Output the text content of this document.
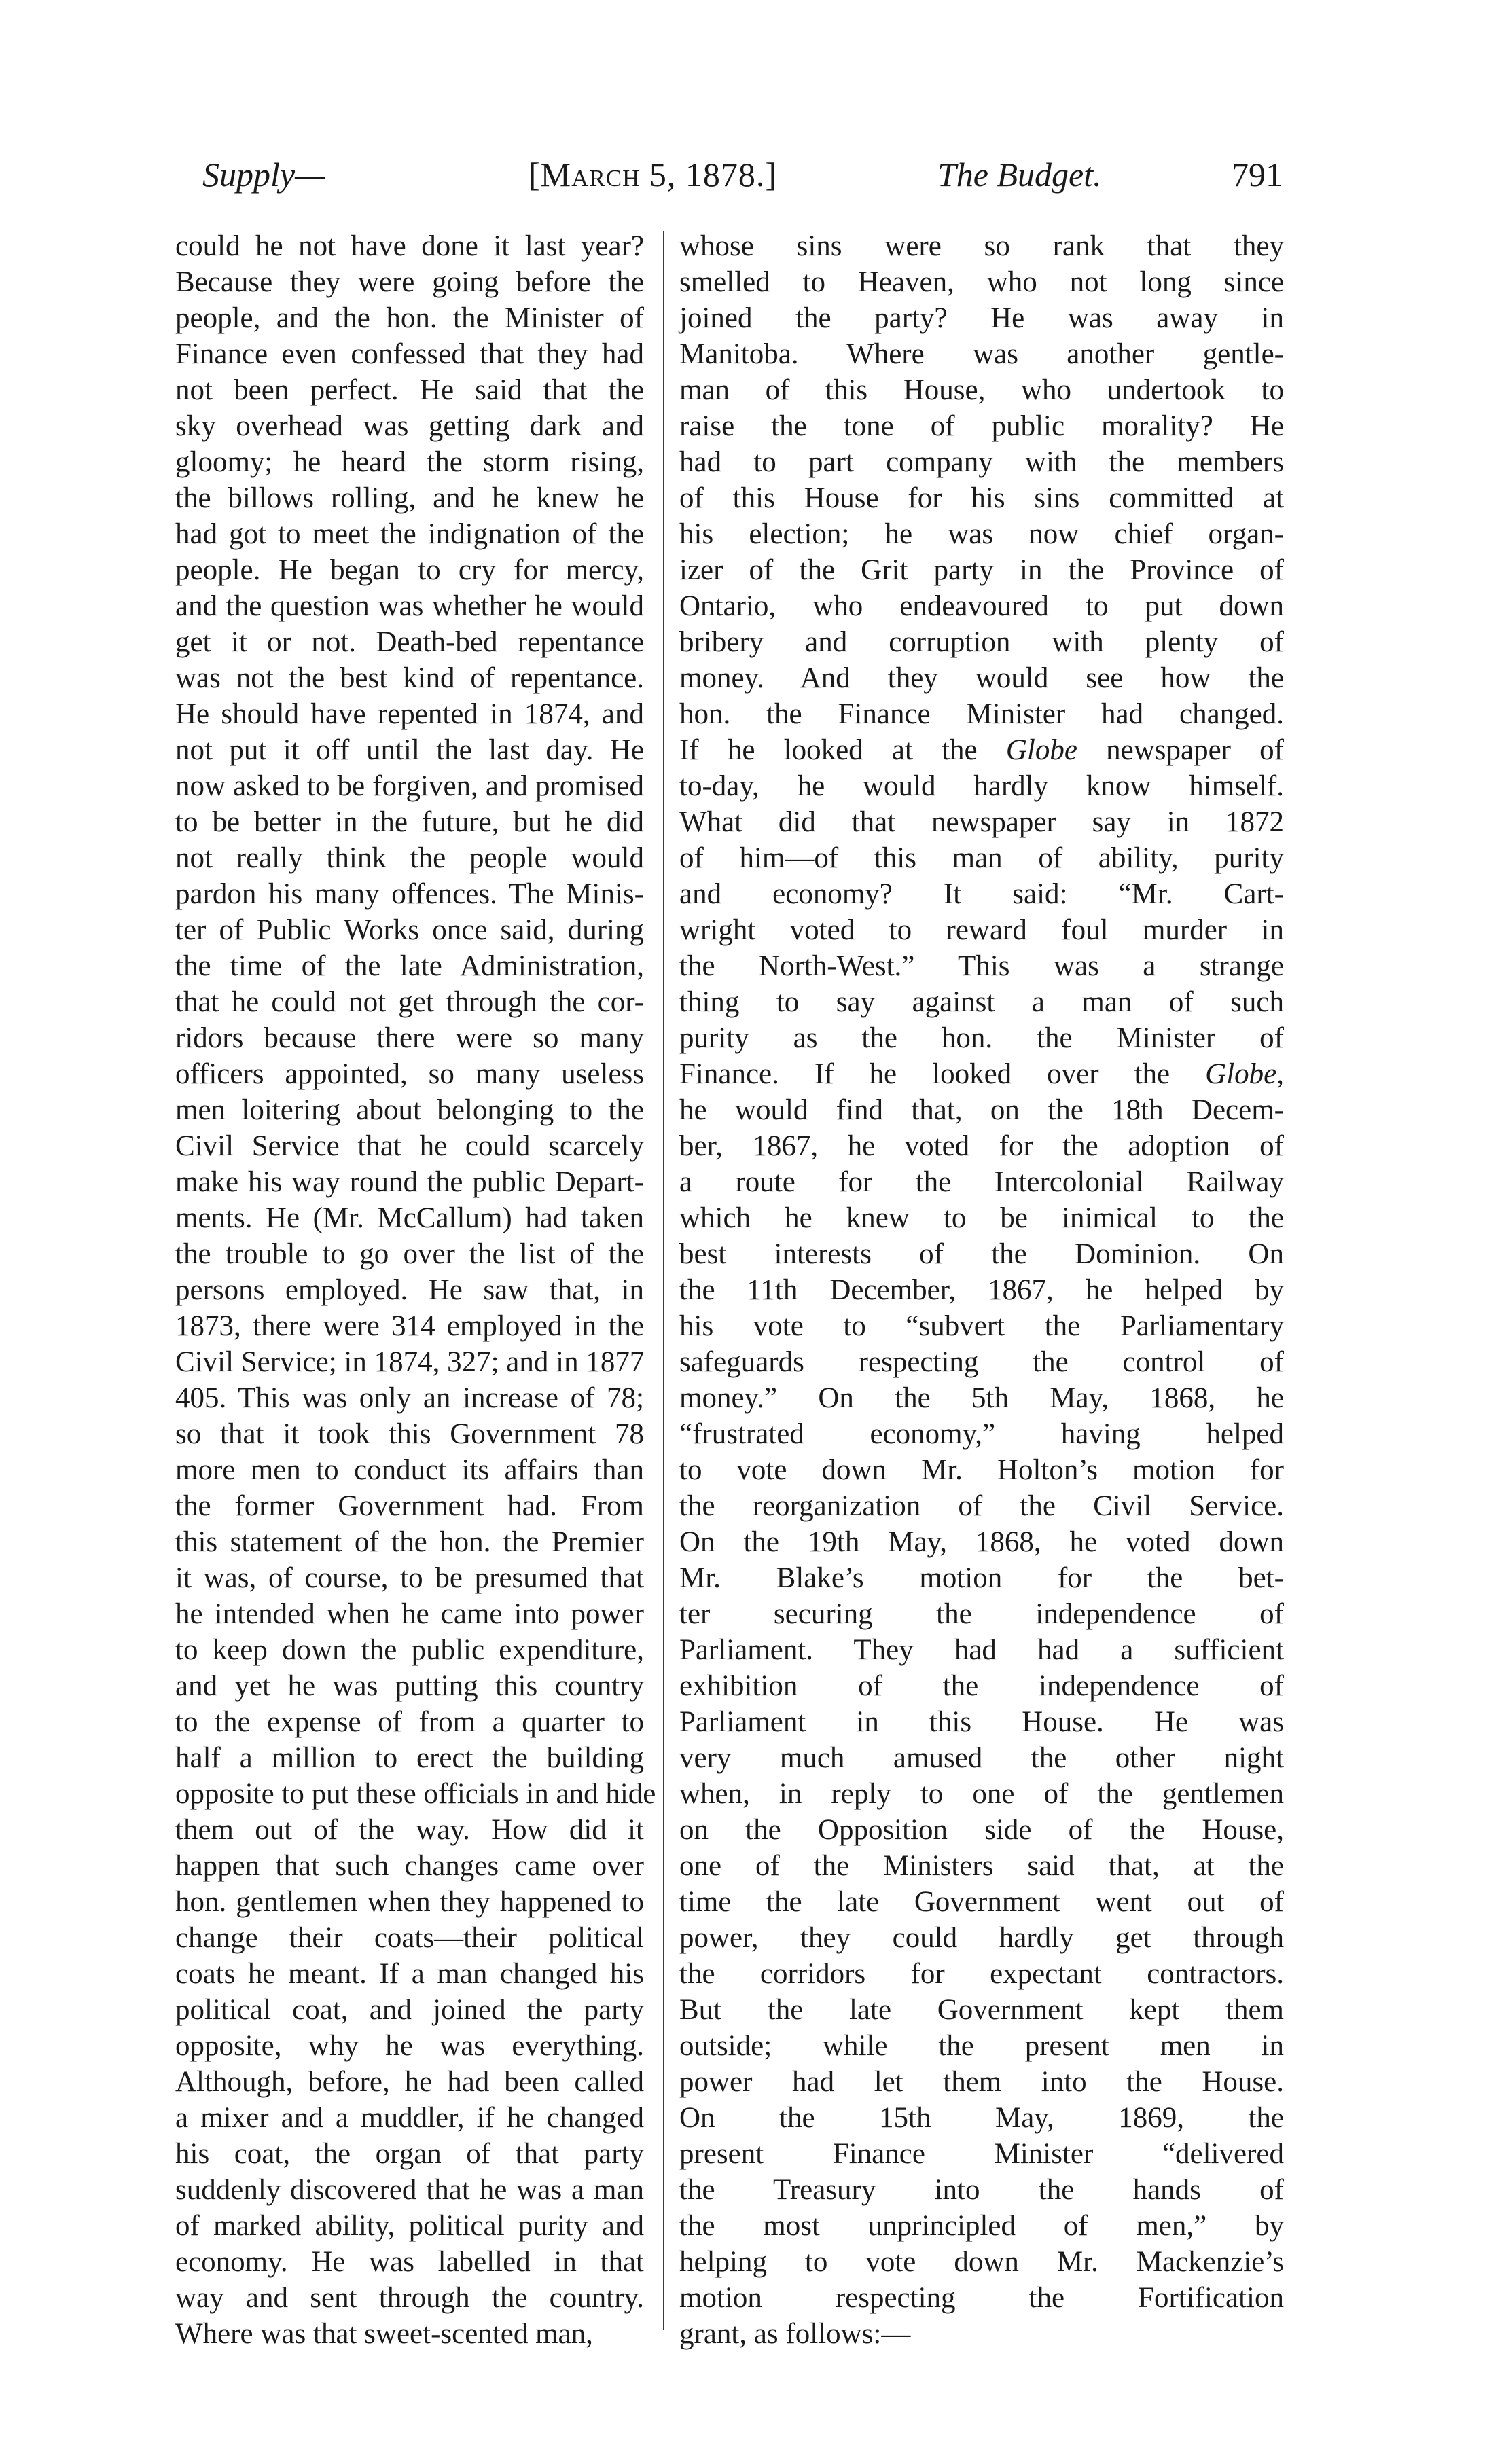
Supply—	[March 5, 1878.]	The Budget.	791
could he not have done it last year?
Because they were going before the
people, and the hon. the Minister of
Finance even confessed that they had
not been perfect. He said that the
sky overhead was getting dark and
gloomy; he heard the storm rising,
the billows rolling, and he knew he
had got to meet the indignation of the
people. He began to cry for mercy,
and the question was whether he would
get it or not. Death-bed repentance
was not the best kind of repentance.
He should have repented in 1874, and
not put it off until the last day. He
now asked to be forgiven, and promised
to be better in the future, but he did
not really think the people would
pardon his many offences. The Minis-
ter of Public Works once said, during
the time of the late Administration,
that he could not get through the cor-
ridors because there were so many
officers appointed, so many useless
men loitering about belonging to the
Civil Service that he could scarcely
make his way round the public Depart-
ments. He (Mr. McCallum) had taken
the trouble to go over the list of the
persons employed. He saw that, in
1873, there were 314 employed in the
Civil Service; in 1874, 327; and in 1877
405. This was only an increase of 78;
so that it took this Government 78
more men to conduct its affairs than
the former Government had. From
this statement of the hon. the Premier
it was, of course, to be presumed that
he intended when he came into power
to keep down the public expenditure,
and yet he was putting this country
to the expense of from a quarter to
half a million to erect the building
opposite to put these officials in and hide
them out of the way. How did it
happen that such changes came over
hon. gentlemen when they happened to
change their coats—their political
coats he meant. If a man changed his
political coat, and joined the party
opposite, why he was everything.
Although, before, he had been called
a mixer and a muddler, if he changed
his coat, the organ of that party
suddenly discovered that he was a man
of marked ability, political purity and
economy. He was labelled in that
way and sent through the country.
Where was that sweet-scented man,
whose sins were so rank that they
smelled to Heaven, who not long since
joined the party? He was away in
Manitoba. Where was another gentle-
man of this House, who undertook to
raise the tone of public morality? He
had to part company with the members
of this House for his sins committed at
his election; he was now chief organ-
izer of the Grit party in the Province of
Ontario, who endeavoured to put down
bribery and corruption with plenty of
money. And they would see how the
hon. the Finance Minister had changed.
If he looked at the Globe newspaper of
to-day, he would hardly know himself.
What did that newspaper say in 1872
of him—of this man of ability, purity
and economy? It said: “Mr. Cart-
wright voted to reward foul murder in
the North-West.” This was a strange
thing to say against a man of such
purity as the hon. the Minister of
Finance. If he looked over the Globe,
he would find that, on the 18th Decem-
ber, 1867, he voted for the adoption of
a route for the Intercolonial Railway
which he knew to be inimical to the
best interests of the Dominion. On
the 11th December, 1867, he helped by
his vote to “subvert the Parliamentary
safeguards respecting the control of
money.” On the 5th May, 1868, he
“frustrated economy,” having helped
to vote down Mr. Holton’s motion for
the reorganization of the Civil Service.
On the 19th May, 1868, he voted down
Mr. Blake’s motion for the bet-
ter securing the independence of
Parliament. They had had a sufficient
exhibition of the independence of
Parliament in this House. He was
very much amused the other night
when, in reply to one of the gentlemen
on the Opposition side of the House,
one of the Ministers said that, at the
time the late Government went out of
power, they could hardly get through
the corridors for expectant contractors.
But the late Government kept them
outside; while the present men in
power had let them into the House.
On the 15th May, 1869, the
present Finance Minister “delivered
the Treasury into the hands of
the most unprincipled of men,” by
helping to vote down Mr. Mackenzie’s
motion respecting the Fortification
grant, as follows:—
